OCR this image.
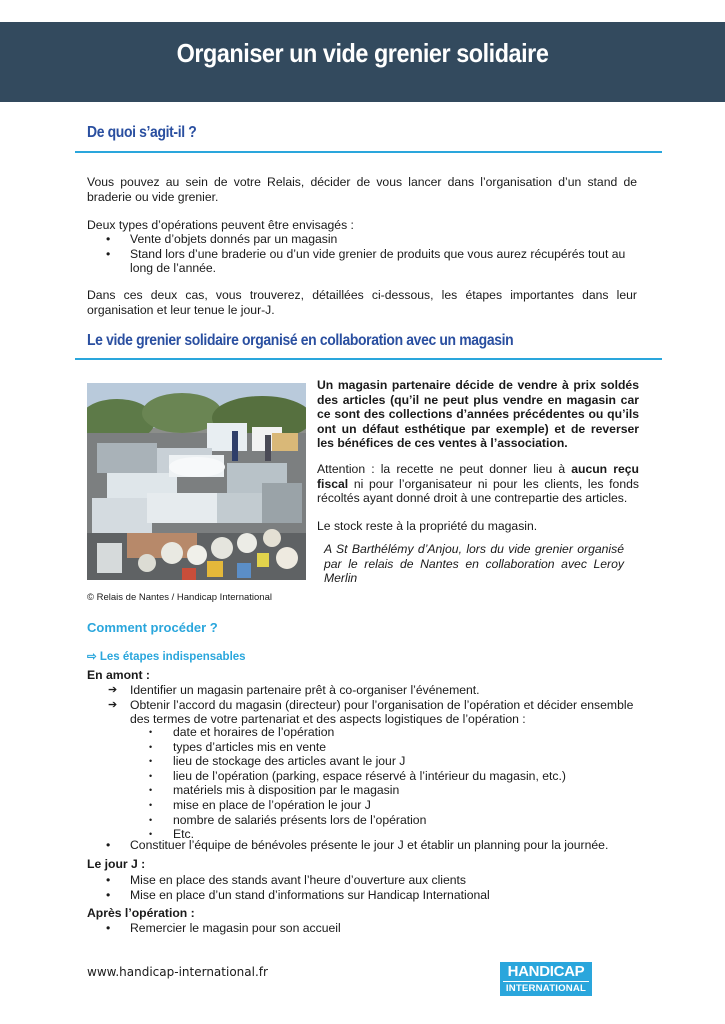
Organiser un vide grenier solidaire
De quoi s’agit-il ?

Vous pouvez au sein de votre Relais, décider de vous lancer dans l’organisation d’un stand de braderie ou vide grenier.

Deux types d’opérations peuvent être envisagés :

• Vente d’objets donnés par un magasin
• Stand lors d’une braderie ou d’un vide grenier de produits que vous aurez récupérés tout au long de l’année.

Dans ces deux cas, vous trouverez, détaillées ci-dessous, les étapes importantes dans leur organisation et leur tenue le jour-J.

Le vide grenier solidaire organisé en collaboration avec un magasin
© Relais de Nantes / Handicap International

Un magasin partenaire décide de vendre à prix soldés des articles (qu’il ne peut plus vendre en magasin car ce sont des collections d’années précédentes ou qu’ils ont un défaut esthétique par exemple) et de reverser les bénéfices de ces ventes à l’association.

Attention : la recette ne peut donner lieu à aucun reçu fiscal ni pour l’organisateur ni pour les clients, les fonds récoltés ayant donné droit à une contrepartie des articles.

Le stock reste à la propriété du magasin.

A St Barthélémy d’Anjou, lors du vide grenier organisé par le relais de Nantes en collaboration avec Leroy Merlin

Comment procéder ?
⇨ Les étapes indispensables
En amont :
➔ Identifier un magasin partenaire prêt à co-organiser l’événement.
➔ Obtenir l’accord du magasin (directeur) pour l’organisation de l’opération et décider ensemble des termes de votre partenariat et des aspects logistiques de l’opération :
• date et horaires de l’opération
• types d’articles mis en vente
• lieu de stockage des articles avant le jour J
• lieu de l’opération (parking, espace réservé à l’intérieur du magasin, etc.)
• matériels mis à disposition par le magasin
• mise en place de l’opération le jour J
• nombre de salariés présents lors de l’opération
• Etc.
• Constituer l’équipe de bénévoles présente le jour J et établir un planning pour la journée.
Le jour J :
• Mise en place des stands avant l’heure d’ouverture aux clients
• Mise en place d’un stand d’informations sur Handicap International
Après l’opération :
• Remercier le magasin pour son accueil
www.handicap-international.fr	HANDICAP
INTERNATIONAL
